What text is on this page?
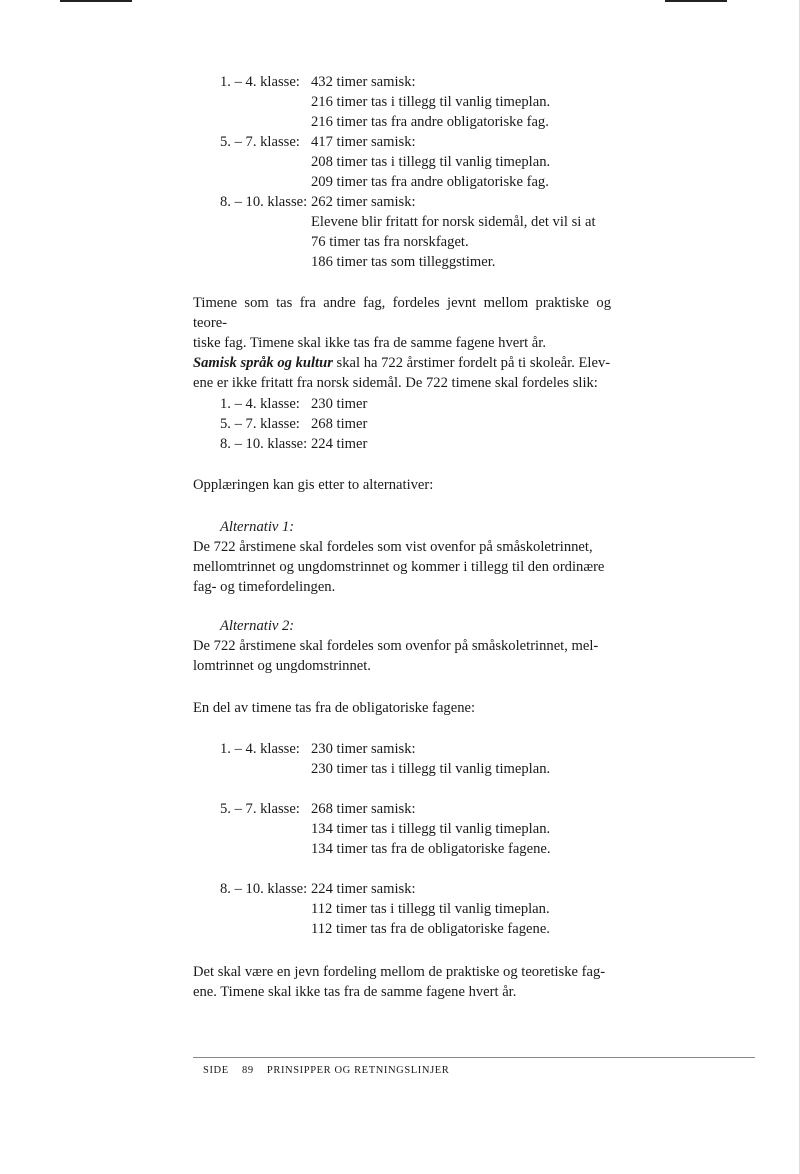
1. – 4. klasse: 432 timer samisk:
216 timer tas i tillegg til vanlig timeplan.
216 timer tas fra andre obligatoriske fag.
5. – 7. klasse: 417 timer samisk:
208 timer tas i tillegg til vanlig timeplan.
209 timer tas fra andre obligatoriske fag.
8. – 10. klasse: 262 timer samisk:
Elevene blir fritatt for norsk sidemål, det vil si at
76 timer tas fra norskfaget.
186 timer tas som tilleggstimer.

Timene som tas fra andre fag, fordeles jevnt mellom praktiske og teore-

tiske fag. Timene skal ikke tas fra de samme fagene hvert år.

Samisk språk og kultur skal ha 722 årstimer fordelt på ti skoleår. Elev-

ene er ikke fritatt fra norsk sidemål. De 722 timene skal fordeles slik:

1. – 4. klasse: 230 timer
5. – 7. klasse: 268 timer
8. – 10. klasse: 224 timer
Opplæringen kan gis etter to alternativer:
Alternativ 1:

De 722 årstimene skal fordeles som vist ovenfor på småskoletrinnet,

mellomtrinnet og ungdomstrinnet og kommer i tillegg til den ordinære

fag- og timefordelingen.

Alternativ 2:

De 722 årstimene skal fordeles som ovenfor på småskoletrinnet, mel-

lomtrinnet og ungdomstrinnet.

En del av timene tas fra de obligatoriske fagene:
1. – 4. klasse: 230 timer samisk:
230 timer tas i tillegg til vanlig timeplan.
5. – 7. klasse: 268 timer samisk:
134 timer tas i tillegg til vanlig timeplan.
134 timer tas fra de obligatoriske fagene.
8. – 10. klasse: 224 timer samisk:
112 timer tas i tillegg til vanlig timeplan.
112 timer tas fra de obligatoriske fagene.

Det skal være en jevn fordeling mellom de praktiske og teoretiske fag-

ene. Timene skal ikke tas fra de samme fagene hvert år.

SIDE 89 PRINSIPPER OG RETNINGSLINJER
